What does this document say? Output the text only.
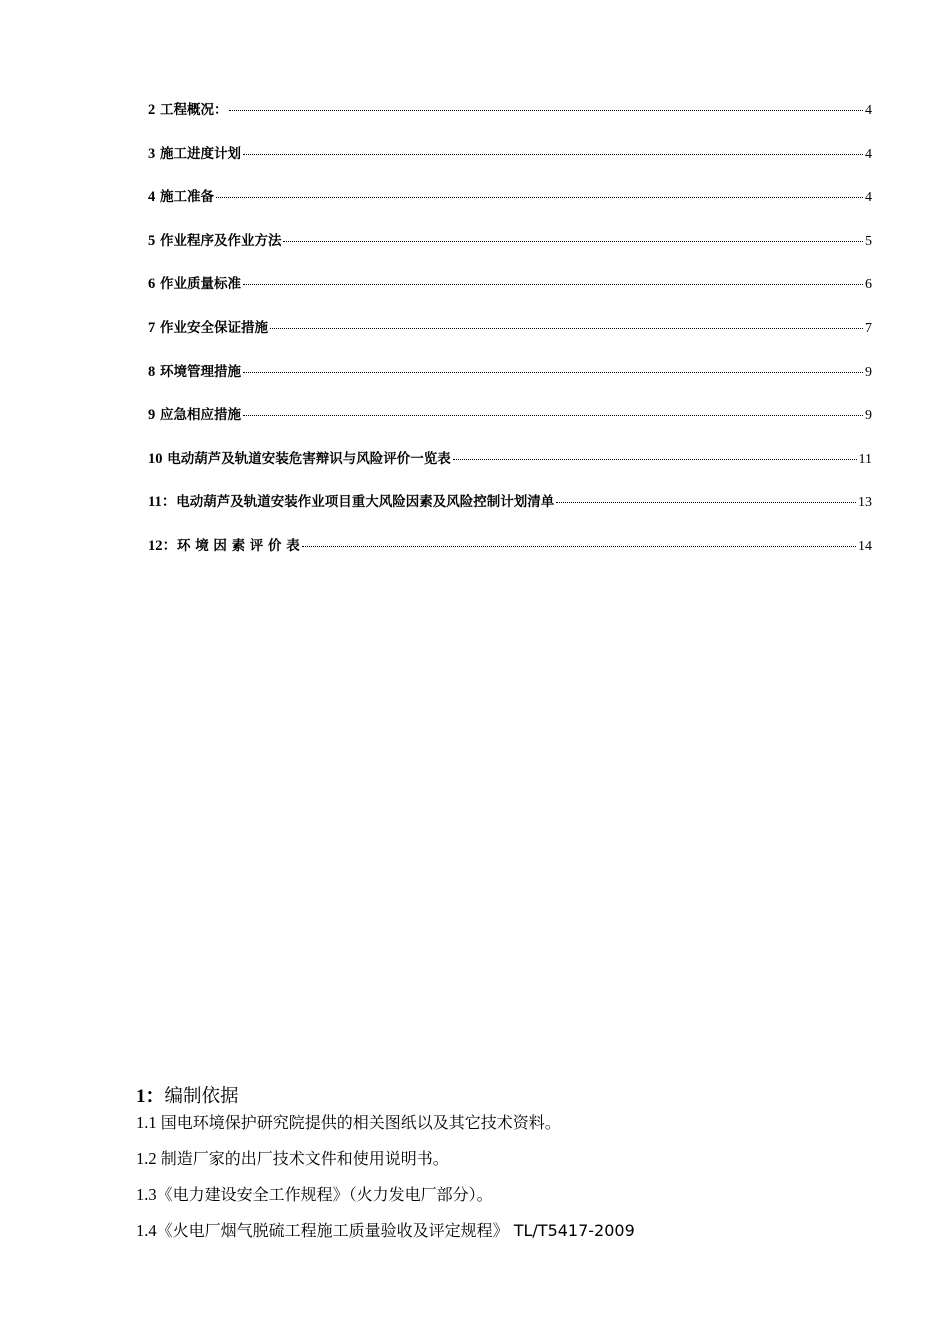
2 工程概况：	4
3 施工进度计划	4
4 施工准备	4
5 作业程序及作业方法	5
6 作业质量标准	6
7 作业安全保证措施	7
8 环境管理措施	9
9 应急相应措施	9
10 电动葫芦及轨道安装危害辩识与风险评价一览表	11
11：电动葫芦及轨道安装作业项目重大风险因素及风险控制计划清单	13
12：环 境 因 素 评 价 表	14
1：编制依据
1.1 国电环境保护研究院提供的相关图纸以及其它技术资料。
1.2 制造厂家的出厂技术文件和使用说明书。
1.3《电力建设安全工作规程》（火力发电厂部分）。
1.4《火电厂烟气脱硫工程施工质量验收及评定规程》 TL/T5417-2009
